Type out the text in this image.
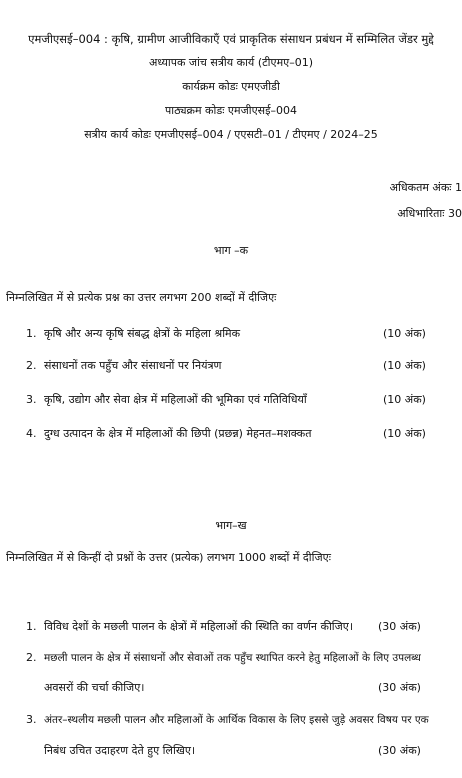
एमजीएसई–004 : कृषि, ग्रामीण आजीविकाएँ एवं प्राकृतिक संसाधन प्रबंधन में सम्मिलित जेंडर मुद्दे
अध्यापक जांच सत्रीय कार्य (टीएमए–01)
कार्यक्रम कोडः एमएजीडी
पाठ्यक्रम कोडः एमजीएसई–004
सत्रीय कार्य कोडः एमजीएसई–004 / एएसटी–01 / टीएमए / 2024–25
अधिकतम अंकः 1
अधिभारिताः 30
भाग –क
निम्नलिखित में से प्रत्येक प्रश्न का उत्तर लगभग 200 शब्दों में दीजिएः
1. कृषि और अन्य कृषि संबद्ध क्षेत्रों के महिला श्रमिक	(10 अंक)
2. संसाधनों तक पहुँच और संसाधनों पर नियंत्रण	(10 अंक)
3. कृषि, उद्योग और सेवा क्षेत्र में महिलाओं की भूमिका एवं गतिविधियाँ	(10 अंक)
4. दुग्ध उत्पादन के क्षेत्र में महिलाओं की छिपी (प्रछन्न) मेहनत–मशक्कत	(10 अंक)
भाग–ख
निम्नलिखित में से किन्हीं दो प्रश्नों के उत्तर (प्रत्येक) लगभग 1000 शब्दों में दीजिएः
1. विविध देशों के मछली पालन के क्षेत्रों में महिलाओं की स्थिति का वर्णन कीजिए। (30 अंक)
2. मछली पालन के क्षेत्र में संसाधनों और सेवाओं तक पहुँच स्थापित करने हेतु महिलाओं के लिए उपलब्ध
अवसरों की चर्चा कीजिए।	(30 अंक)
3. अंतर–स्थलीय मछली पालन और महिलाओं के आर्थिक विकास के लिए इससे जुड़े अवसर विषय पर एक
निबंध उचित उदाहरण देते हुए लिखिए।	(30 अंक)
